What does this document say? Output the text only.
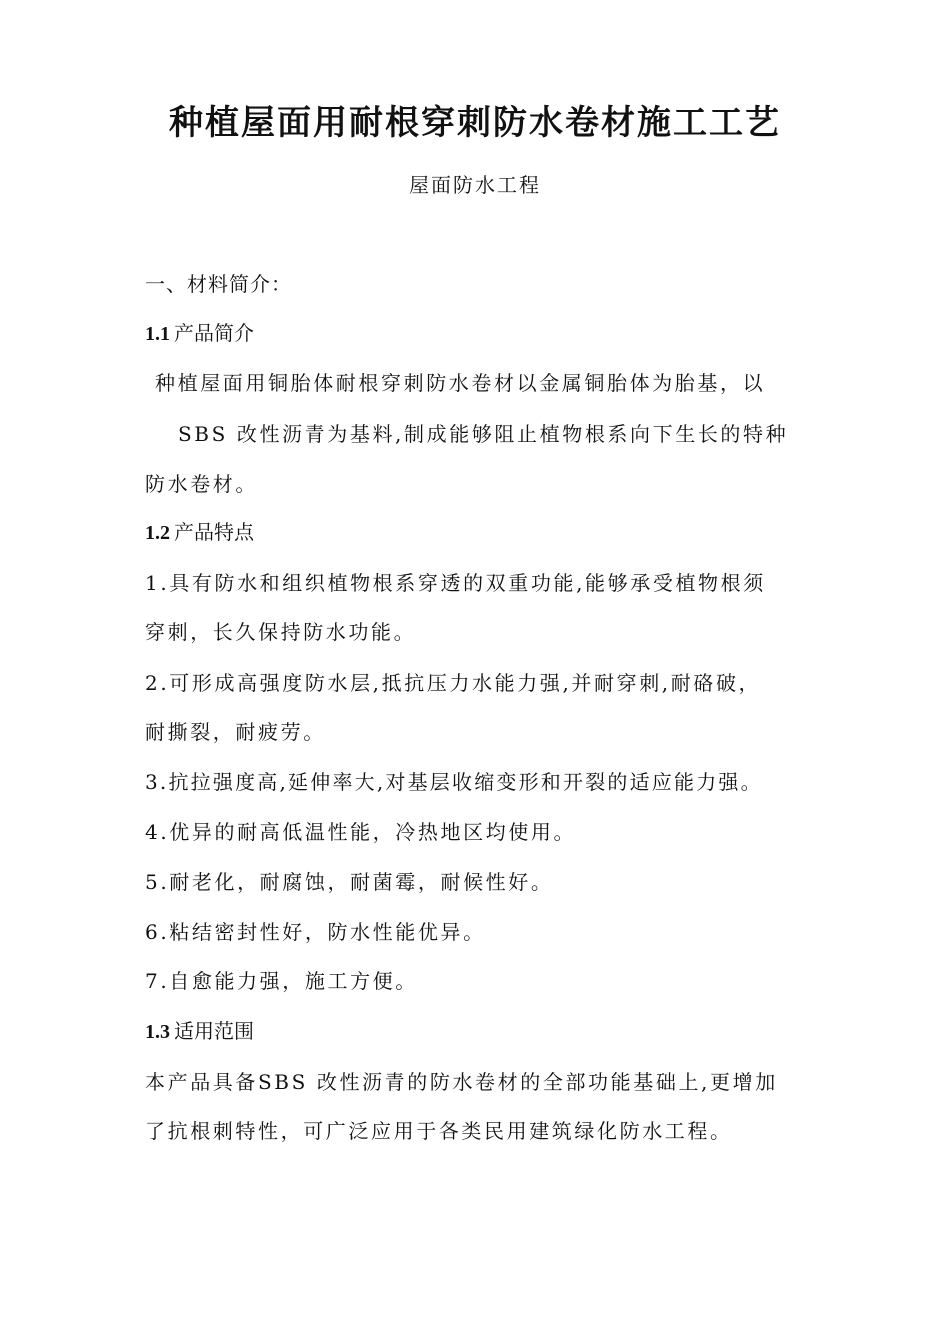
种植屋面用耐根穿刺防水卷材施工工艺
屋面防水工程
一、材料简介：
1.1 产品简介
种植屋面用铜胎体耐根穿刺防水卷材以金属铜胎体为胎基，以
SBS 改性沥青为基料,制成能够阻止植物根系向下生长的特种
防水卷材。
1.2 产品特点
1.具有防水和组织植物根系穿透的双重功能,能够承受植物根须
穿刺，长久保持防水功能。
2.可形成高强度防水层,抵抗压力水能力强,并耐穿刺,耐硌破，
耐撕裂，耐疲劳。
3.抗拉强度高,延伸率大,对基层收缩变形和开裂的适应能力强。
4.优异的耐高低温性能，冷热地区均使用。
5.耐老化，耐腐蚀，耐菌霉，耐候性好。
6.粘结密封性好，防水性能优异。
7.自愈能力强，施工方便。
1.3 适用范围
本产品具备SBS 改性沥青的防水卷材的全部功能基础上,更增加
了抗根刺特性，可广泛应用于各类民用建筑绿化防水工程。
